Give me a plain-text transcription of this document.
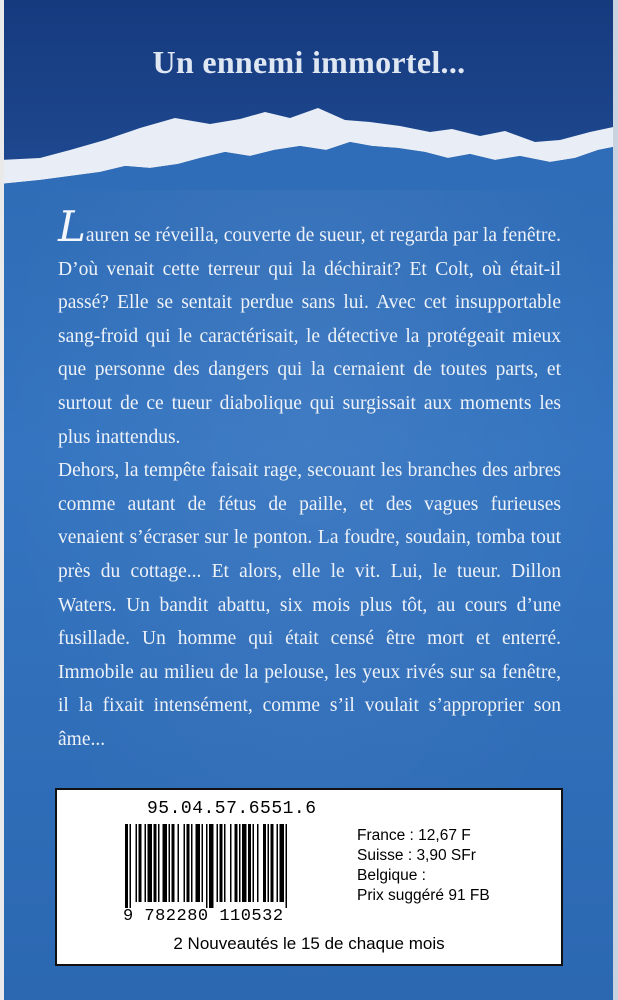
Un ennemi immortel...

Lauren se réveilla, couverte de sueur, et regarda par la fenêtre. D’où venait cette terreur qui la déchirait? Et Colt, où était-il passé? Elle se sentait perdue sans lui. Avec cet insupportable sang-froid qui le caractérisait, le détective la protégeait mieux que personne des dangers qui la cernaient de toutes parts, et surtout de ce tueur diabolique qui surgissait aux moments les plus inattendus.

Dehors, la tempête faisait rage, secouant les branches des arbres comme autant de fétus de paille, et des vagues furieuses venaient s’écraser sur le ponton. La foudre, soudain, tomba tout près du cottage... Et alors, elle le vit. Lui, le tueur. Dillon Waters. Un bandit abattu, six mois plus tôt, au cours d’une fusillade. Un homme qui était censé être mort et enterré. Immobile au milieu de la pelouse, les yeux rivés sur sa fenêtre, il la fixait intensément, comme s’il voulait s’approprier son âme...

95.04.57.6551.6
9 782280 110532
France : 12,67 F
Suisse : 3,90 SFr
Belgique :
Prix suggéré 91 FB
2 Nouveautés le 15 de chaque mois
